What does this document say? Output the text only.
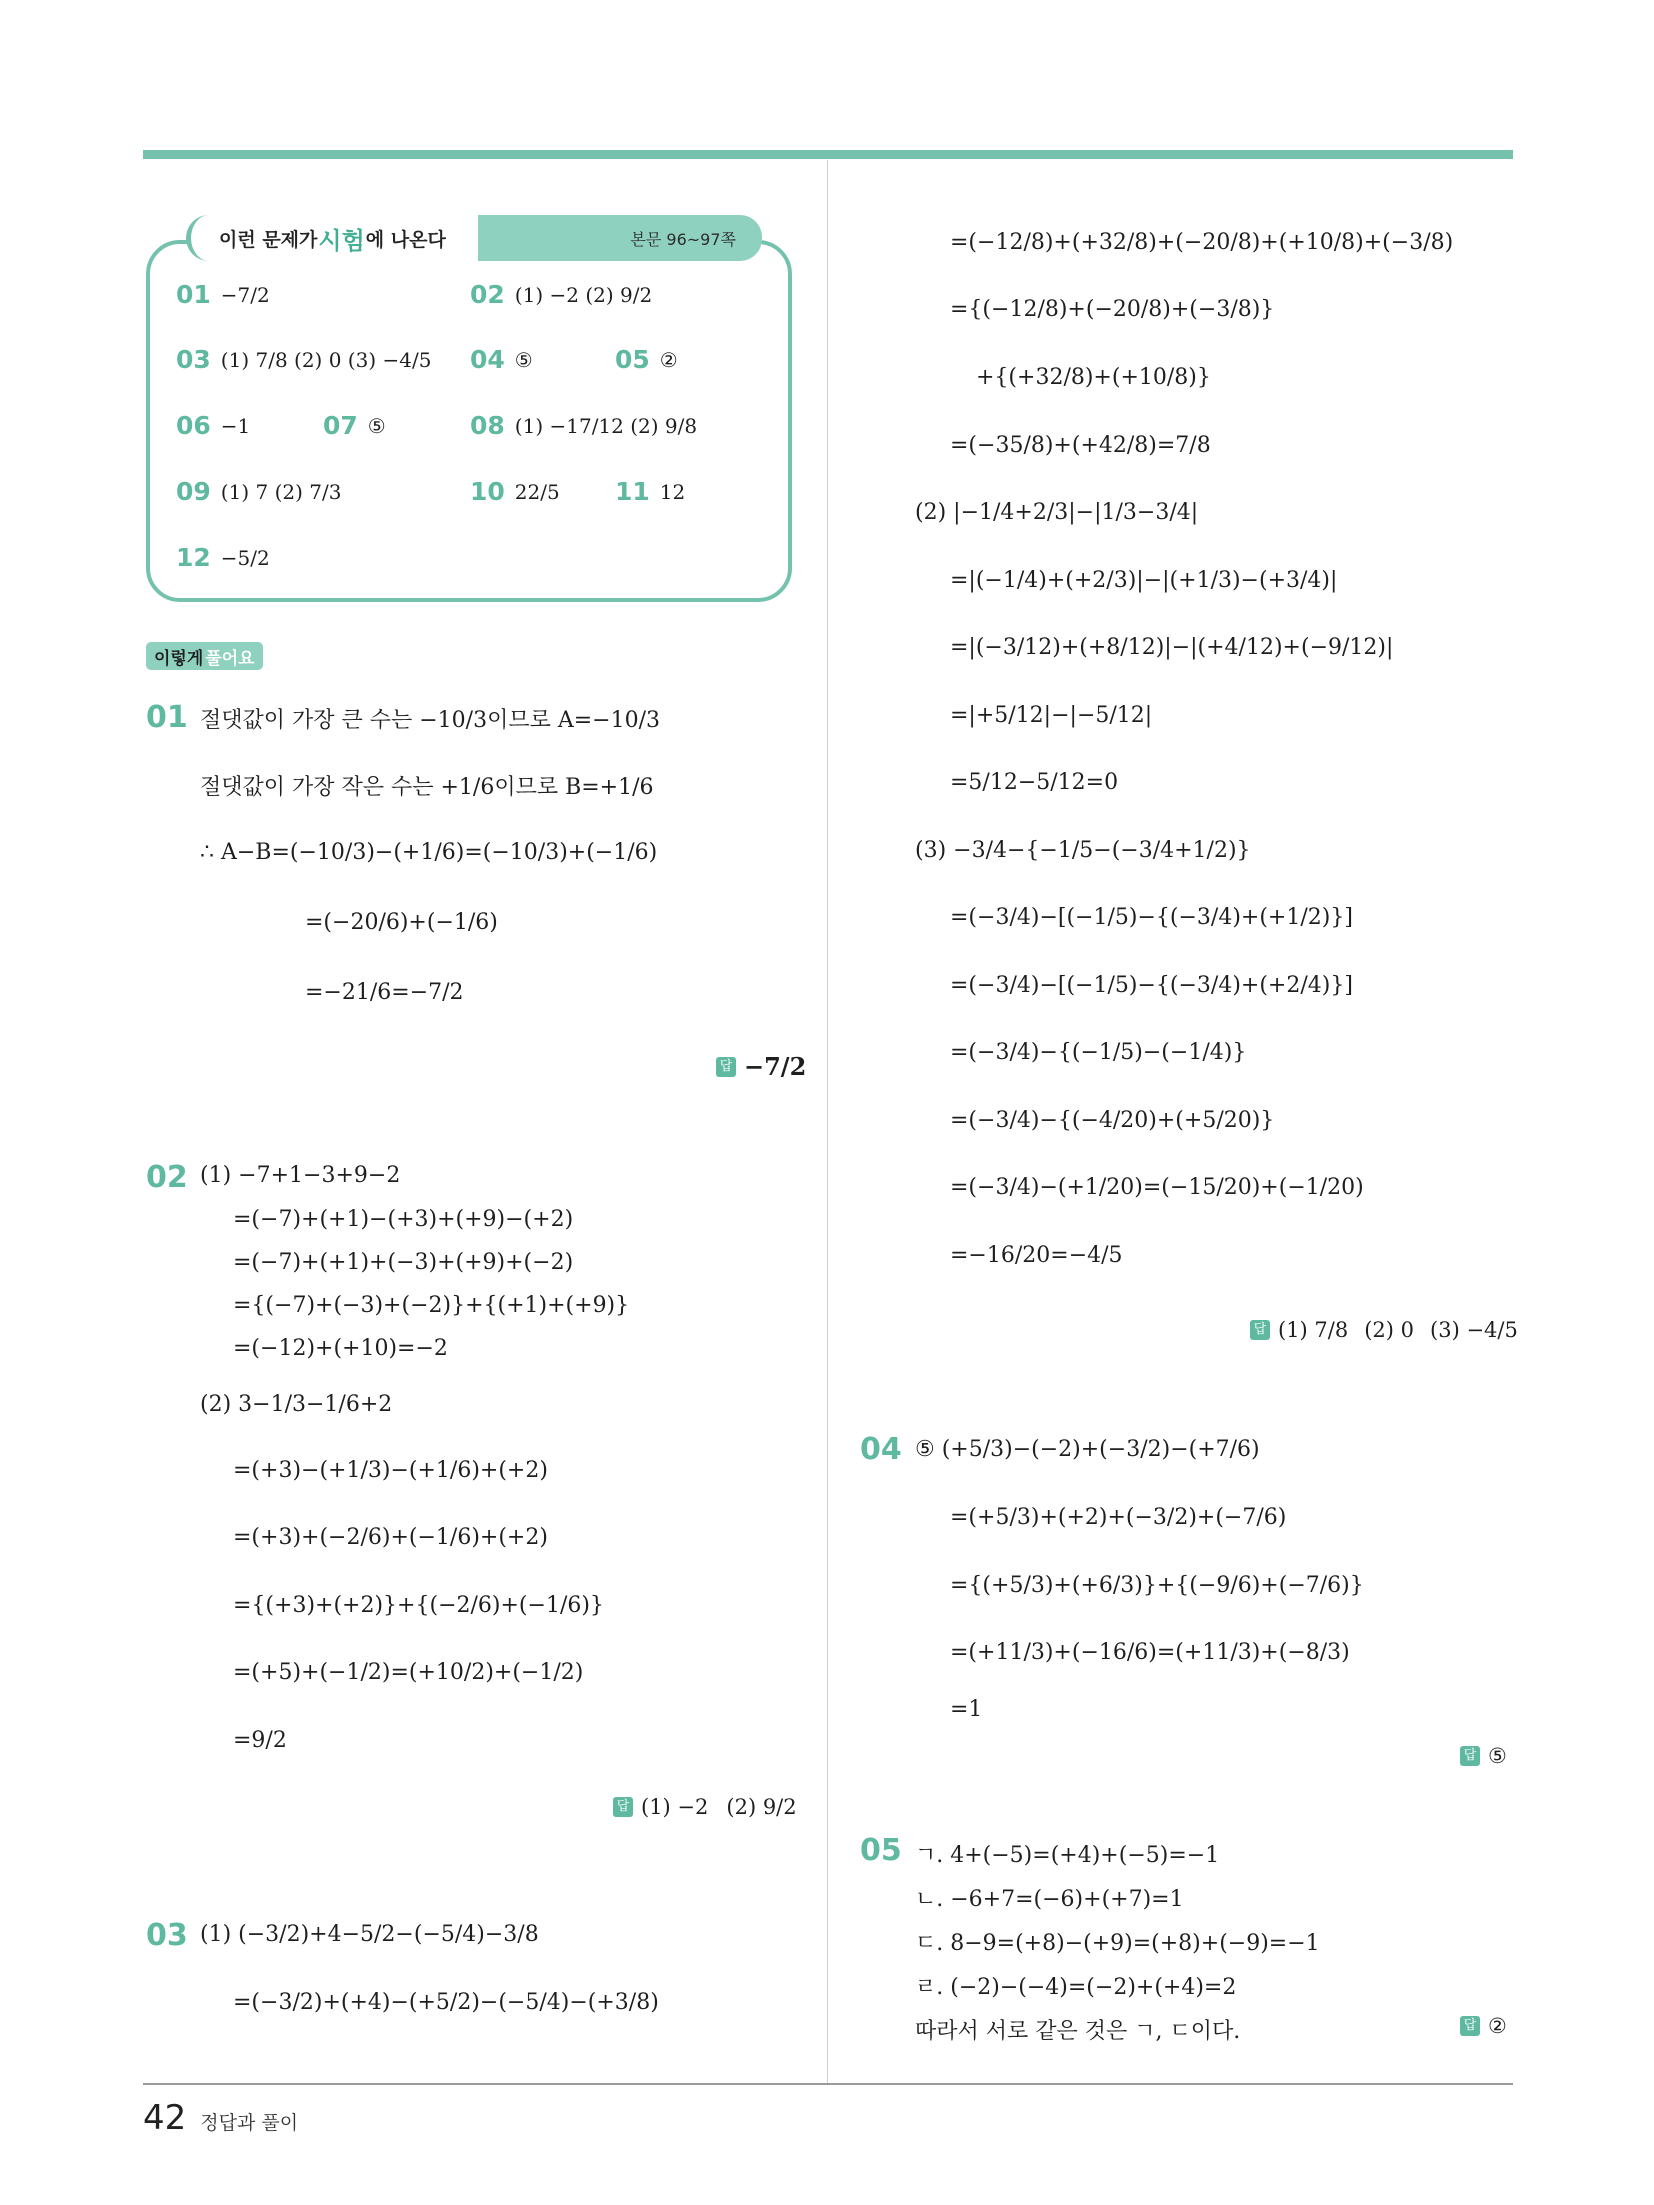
이런 문제가 시험 에 나온다	본문 96~97쪽
01 −7/2	02 (1) −2 (2) 9/2
03 (1) 7/8 (2) 0 (3) −4/5 04 ⑤	05 ②
06 −1	07 ⑤	08 (1) −17/12 (2) 9/8
09 (1) 7 (2) 7/3	10 22/5 11 12
12 −5/2
이렇게 풀어요
01 절댓값이 가장 큰 수는 −10/3이므로 A=−10/3
절댓값이 가장 작은 수는 +1/6이므로 B=+1/6
∴ A−B=(−10/3)−(+1/6)=(−10/3)+(−1/6)
=(−20/6)+(−1/6)
=−21/6=−7/2
답 −7/2
02 (1) −7+1−3+9−2
=(−7)+(+1)−(+3)+(+9)−(+2)
=(−7)+(+1)+(−3)+(+9)+(−2)
={(−7)+(−3)+(−2)}+{(+1)+(+9)}
=(−12)+(+10)=−2
(2) 3−1/3−1/6+2
=(+3)−(+1/3)−(+1/6)+(+2)
=(+3)+(−2/6)+(−1/6)+(+2)
={(+3)+(+2)}+{(−2/6)+(−1/6)}
=(+5)+(−1/2)=(+10/2)+(−1/2)
=9/2
답 (1) −2 (2) 9/2
03 (1) (−3/2)+4−5/2−(−5/4)−3/8
=(−3/2)+(+4)−(+5/2)−(−5/4)−(+3/8)
=(−12/8)+(+32/8)+(−20/8)+(+10/8)+(−3/8)
={(−12/8)+(−20/8)+(−3/8)}
+{(+32/8)+(+10/8)}
=(−35/8)+(+42/8)=7/8
(2) |−1/4+2/3|−|1/3−3/4|
=|(−1/4)+(+2/3)|−|(+1/3)−(+3/4)|
=|(−3/12)+(+8/12)|−|(+4/12)+(−9/12)|
=|+5/12|−|−5/12|
=5/12−5/12=0
(3) −3/4−{−1/5−(−3/4+1/2)}
=(−3/4)−[(−1/5)−{(−3/4)+(+1/2)}]
=(−3/4)−[(−1/5)−{(−3/4)+(+2/4)}]
=(−3/4)−{(−1/5)−(−1/4)}
=(−3/4)−{(−4/20)+(+5/20)}
=(−3/4)−(+1/20)=(−15/20)+(−1/20)
=−16/20=−4/5
답 (1) 7/8 (2) 0 (3) −4/5
04 ⑤ (+5/3)−(−2)+(−3/2)−(+7/6)
=(+5/3)+(+2)+(−3/2)+(−7/6)
={(+5/3)+(+6/3)}+{(−9/6)+(−7/6)}
=(+11/3)+(−16/6)=(+11/3)+(−8/3)
=1
답 ⑤
05 ㄱ. 4+(−5)=(+4)+(−5)=−1
ㄴ. −6+7=(−6)+(+7)=1
ㄷ. 8−9=(+8)−(+9)=(+8)+(−9)=−1
ㄹ. (−2)−(−4)=(−2)+(+4)=2
따라서 서로 같은 것은 ㄱ, ㄷ이다.	답 ②
42 정답과 풀이
